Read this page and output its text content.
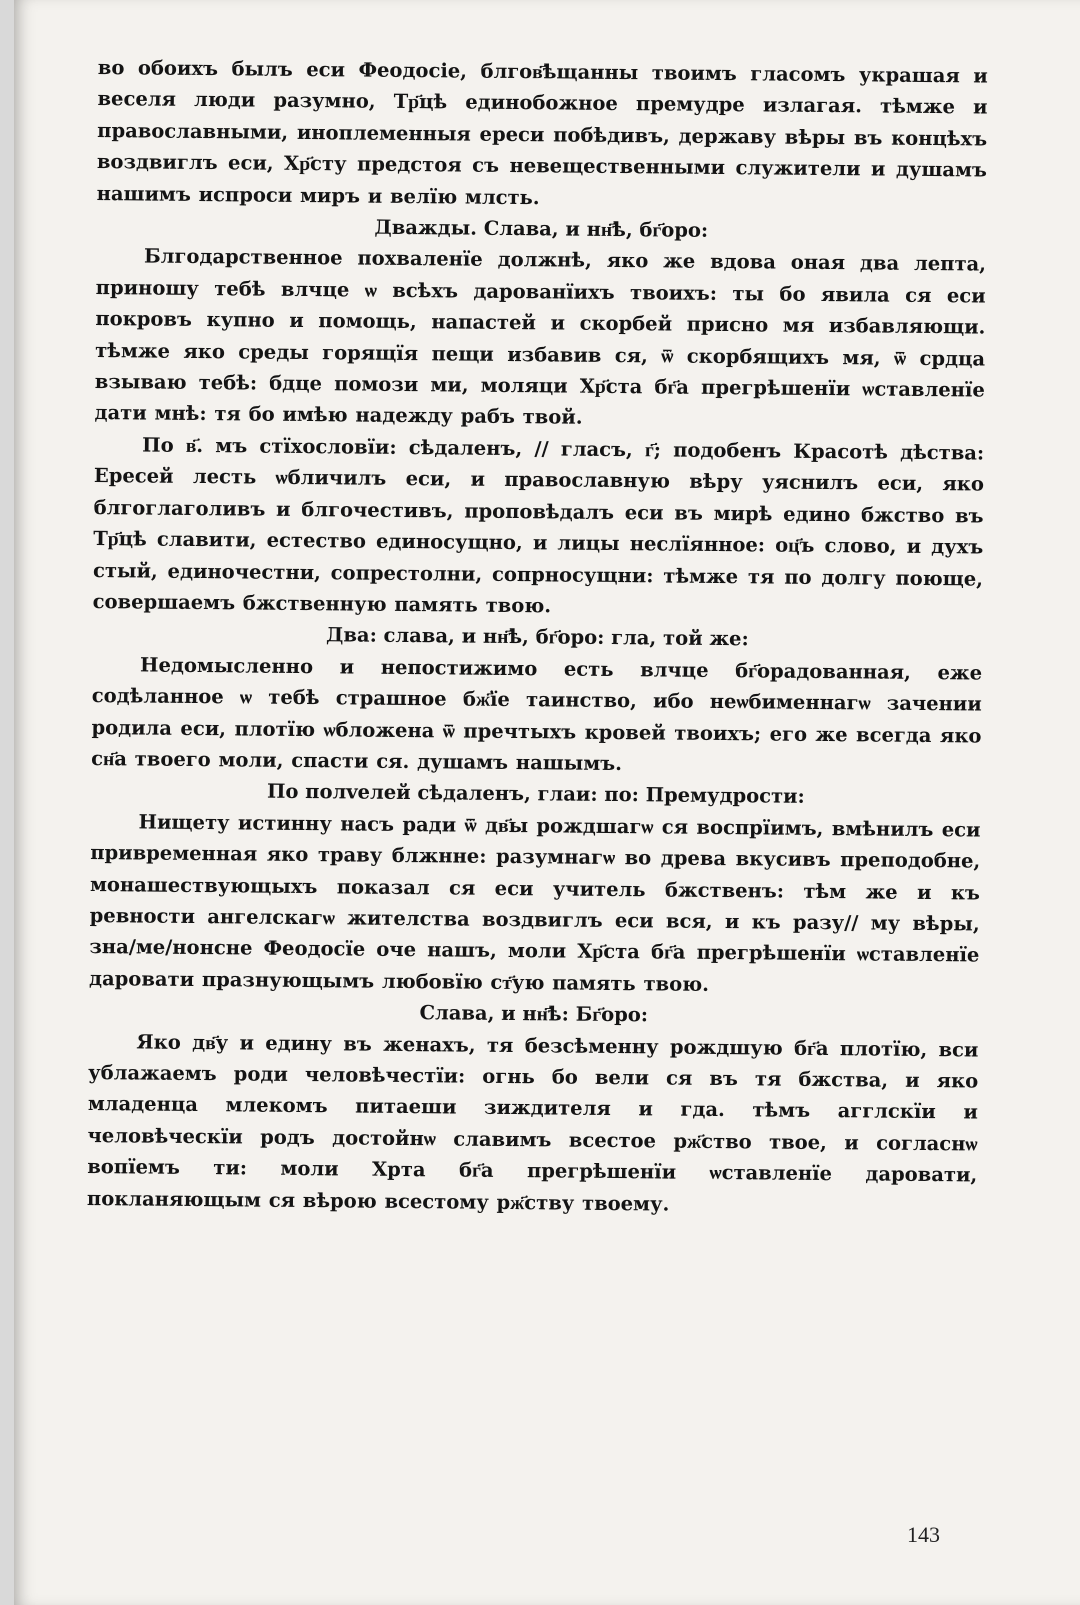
во обоихъ былъ еси Феодосіе, блгов҃ѣщанны твоимъ гласомъ украшая и веселя люди разумно, Тр҃цѣ единобожное премудре излагая. тѣмже и православными, иноплеменныя ереси побѣдивъ, державу вѣры въ концѣхъ воздвиглъ еси, Хр҃сту предстоя съ невещественными служители и душамъ нашимъ испроси миръ и велїю млсть.

Дважды. Слава, и нн҃ѣ, бг҃оро:

Блгодарственное похваленїе должнѣ, яко же вдова оная два лепта, приношу тебѣ влчце ѡ всѣхъ дарованїихъ твоихъ: ты бо явила ся еси покровъ купно и помощь, напастей и скорбей присно мя избавляющи. тѣмже яко среды горящїя пещи избавив ся, ѿ скорбящихъ мя, ѿ срдца взываю тебѣ: бдце помози ми, моляци Хр҃ста бг҃а прегрѣшенїи ѡставленїе дати мнѣ: тя бо имѣю надежду рабъ твой.

По в҃. мъ стїхословїи: сѣдаленъ, // гласъ, г҃; подобенъ Красотѣ дѣства: Ересей лесть ѡбличилъ еси, и православную вѣру уяснилъ еси, яко блгоглаголивъ и блгочестивъ, проповѣдалъ еси въ мирѣ едино бжство въ Тр҃цѣ славити, естество единосущно, и лицы неслїянное: оц҃ъ слово, и духъ стый, единочестни, сопрестолни, сопрносущни: тѣмже тя по долгу поюще, совершаемъ бжственную память твою.

Два: слава, и нн҃ѣ, бг҃оро: гла, той же:

Недомысленно и непостижимо есть влчце бг҃орадованная, еже содѣланное ѡ тебѣ страшное бж҃їе таинство, ибо неѡбименнагѡ зачении родила еси, плотїю ѡбложена ѿ пречтыхъ кровей твоихъ; его же всегда яко сн҃а твоего моли, спасти ся. душамъ нашымъ.

По полvелей сѣдаленъ, глаи: по: Премудрости:

Нищету истинну насъ ради ѿ дв҃ы рождшагѡ ся воспрїимъ, вмѣнилъ еси привременная яко траву блжнне: разумнагѡ во древа вкусивъ преподобне, монашествующыхъ показал ся еси учитель бжственъ: тѣм же и къ ревности ангелскагѡ жителства воздвиглъ еси вся, и къ разу// му вѣры, зна/ме/нонсне Феодосїе оче нашъ, моли Хр҃ста бг҃а прегрѣшенїи ѡставленїе даровати празнующымъ любовїю ст҃ую память твою.

Слава, и нн҃ѣ: Бг҃оро:

Яко дв҃у и едину въ женахъ, тя безсѣменну рождшую бг҃а плотїю, вси ублажаемъ роди человѣчестїи: огнь бо вели ся въ тя бжства, и яко младенца млекомъ питаеши зиждителя и гда. тѣмъ агглскїи и человѣческїи родъ достойнѡ славимъ всестое рж҃ство твое, и согласнѡ вопїемъ ти: моли Хрта бг҃а прегрѣшенїи ѡставленїе даровати, покланяющым ся вѣрою всестому рж҃ству твоему.

143
